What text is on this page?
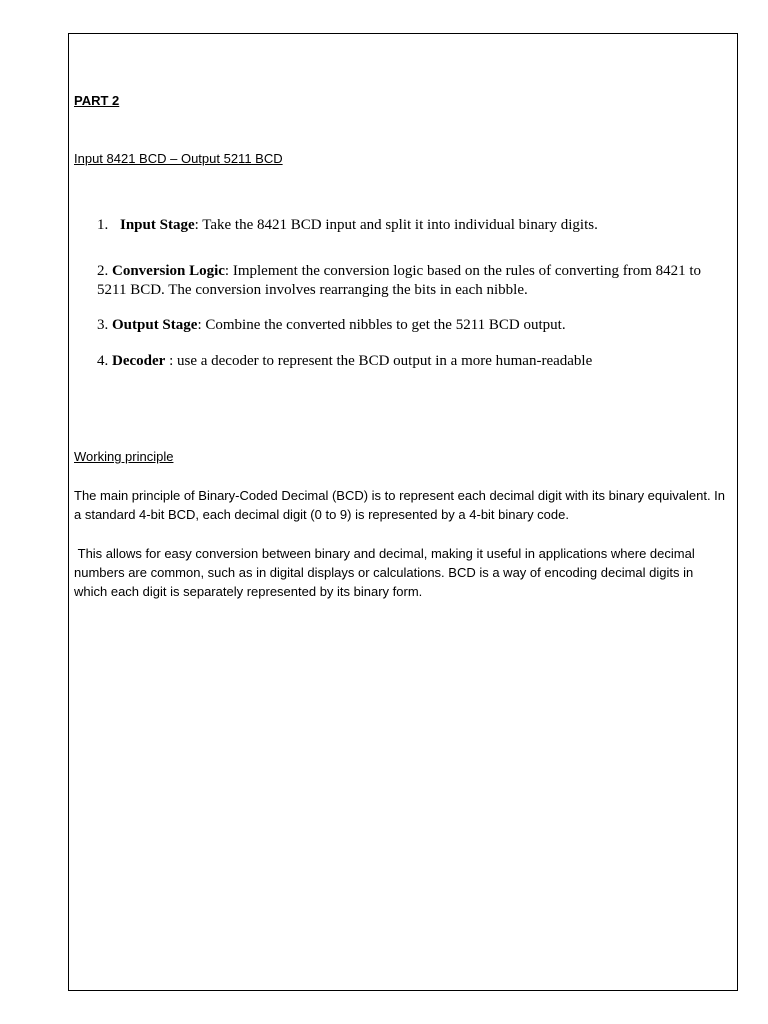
PART 2
Input 8421 BCD – Output 5211 BCD
1. Input Stage: Take the 8421 BCD input and split it into individual binary digits.
2. Conversion Logic: Implement the conversion logic based on the rules of converting from 8421 to 5211 BCD. The conversion involves rearranging the bits in each nibble.
3. Output Stage: Combine the converted nibbles to get the 5211 BCD output.
4. Decoder : use a decoder to represent the BCD output in a more human-readable
Working principle
The main principle of Binary-Coded Decimal (BCD) is to represent each decimal digit with its binary equivalent. In a standard 4-bit BCD, each decimal digit (0 to 9) is represented by a 4-bit binary code.
This allows for easy conversion between binary and decimal, making it useful in applications where decimal numbers are common, such as in digital displays or calculations. BCD is a way of encoding decimal digits in which each digit is separately represented by its binary form.
